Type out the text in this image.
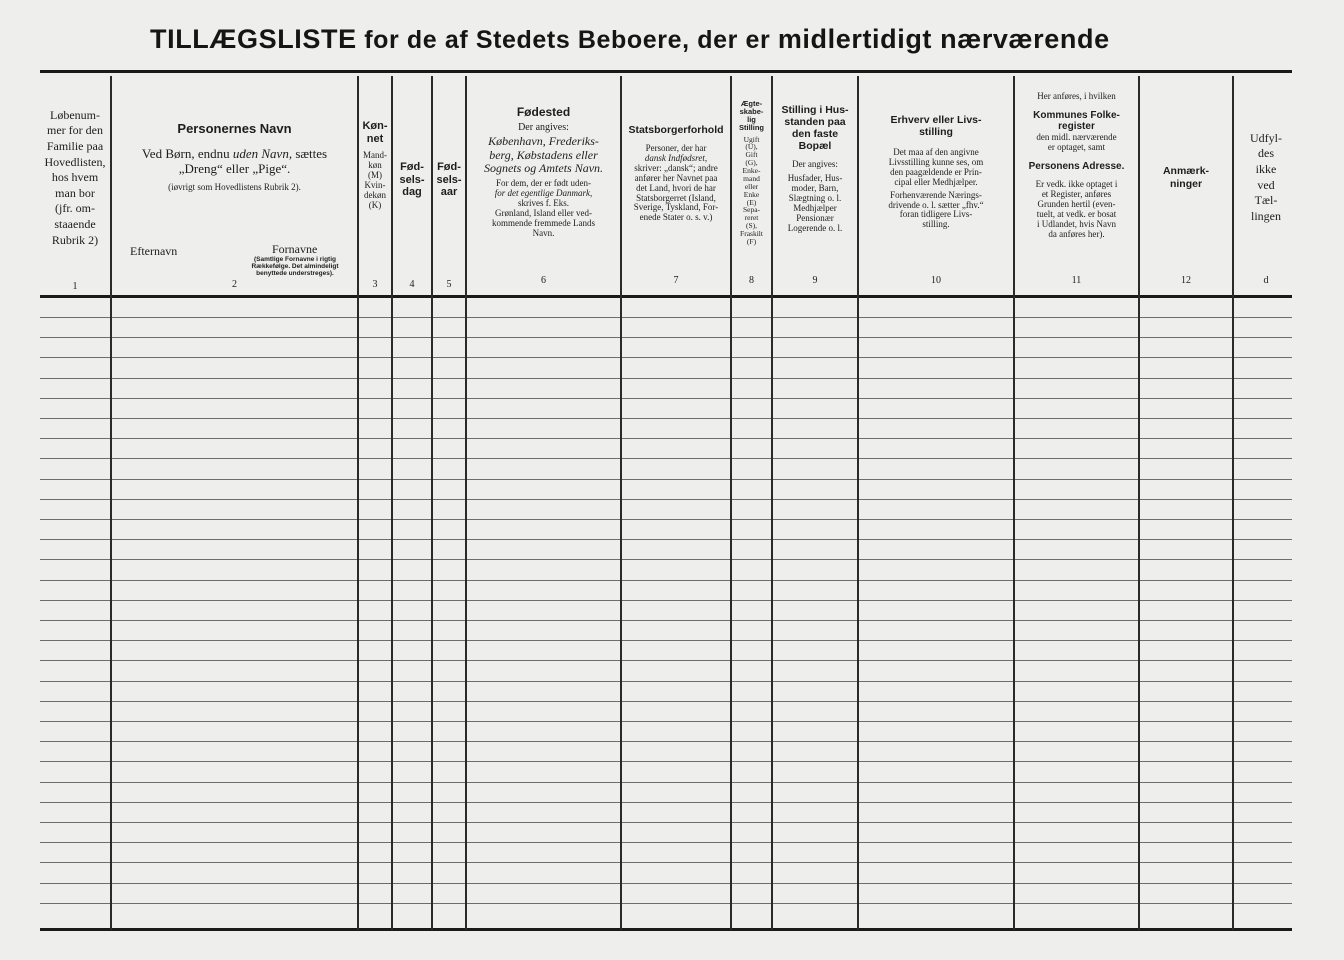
TILLÆGSLISTE for de af Stedets Beboere, der er midlertidigt nærværende
Løbenum-
mer for den
Familie paa
Hovedlisten,
hos hvem
man bor
(jfr. om-
staaende
Rubrik 2)
1
Personernes Navn
Ved Børn, endnu uden Navn, sættes
„Dreng“ eller „Pige“.
(iøvrigt som Hovedlistens Rubrik 2).
Efternavn	Fornavne
(Samtlige Fornavne i rigtig
Rækkefølge. Det almindeligt
benyttede understreges).
2
Køn-
net
Mand-
køn
(M)
Kvin-
dekøn
(K)
3
Fød-
sels-
dag
4
Fød-
sels-
aar
5
Fødested
Der angives:
København, Frederiks-
berg, Købstadens eller
Sognets og Amtets Navn.
For dem, der er født uden-
for det egentlige Danmark,
skrives f. Eks.
Grønland, Island eller ved-
kommende fremmede Lands
Navn.
6
Statsborgerforhold
Personer, der har
dansk Indfødsret,
skriver: „dansk“; andre
anfører her Navnet paa
det Land, hvori de har
Statsborgerret (Island,
Sverige, Tyskland, For-
enede Stater o. s. v.)
7
Ægte-
skabe-
lig
Stilling
Ugift
(U),
Gift
(G),
Enke-
mand
eller
Enke
(E)
Sepa-
reret
(S),
Fraskilt
(F)
8
Stilling i Hus-
standen paa
den faste
Bopæl
Der angives:
Husfader, Hus-
moder, Barn,
Slægtning o. l.
Medhjælper
Pensionær
Logerende o. l.
9
Erhverv eller Livs-
stilling
Det maa af den angivne
Livsstilling kunne ses, om
den paagældende er Prin-
cipal eller Medhjælper.
Forhenværende Nærings-
drivende o. l. sætter „fhv.“
foran tidligere Livs-
stilling.
10
Her anføres, i hvilken
Kommunes Folke-
register
den midl. nærværende
er optaget, samt
Personens Adresse.
Er vedk. ikke optaget i
et Register, anføres
Grunden hertil (even-
tuelt, at vedk. er bosat
i Udlandet, hvis Navn
da anføres her).
11
Anmærk-
ninger
12
Udfyl-
des
ikke
ved
Tæl-
lingen
d
